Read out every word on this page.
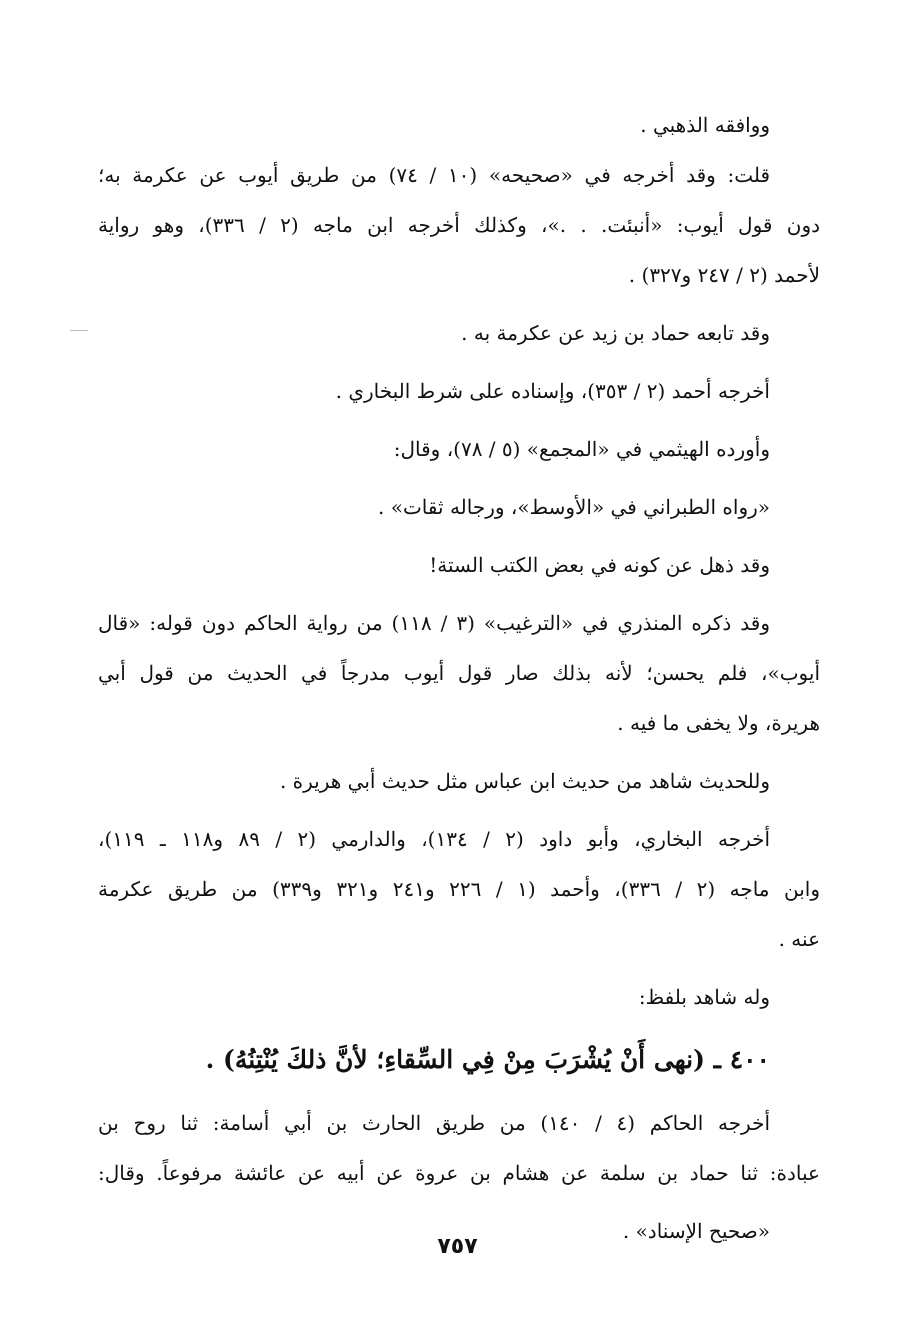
ووافقه الذهبي .
قلت: وقد أخرجه في «صحيحه» (١٠ / ٧٤) من طريق أيوب عن عكرمة به؛
دون قول أيوب: «أنبئت. . .»، وكذلك أخرجه ابن ماجه (٢ / ٣٣٦)، وهو رواية
لأحمد (٢ / ٢٤٧ و٣٢٧) .
وقد تابعه حماد بن زيد عن عكرمة به .
أخرجه أحمد (٢ / ٣٥٣)، وإسناده على شرط البخاري .
وأورده الهيثمي في «المجمع» (٥ / ٧٨)، وقال:
«رواه الطبراني في «الأوسط»، ورجاله ثقات» .
وقد ذهل عن كونه في بعض الكتب الستة!
وقد ذكره المنذري في «الترغيب» (٣ / ١١٨) من رواية الحاكم دون قوله: «قال
أيوب»، فلم يحسن؛ لأنه بذلك صار قول أيوب مدرجاً في الحديث من قول أبي
هريرة، ولا يخفى ما فيه .
وللحديث شاهد من حديث ابن عباس مثل حديث أبي هريرة .
أخرجه البخاري، وأبو داود (٢ / ١٣٤)، والدارمي (٢ / ٨٩ و١١٨ ـ ١١٩)،
وابن ماجه (٢ / ٣٣٦)، وأحمد (١ / ٢٢٦ و٢٤١ و٣٢١ و٣٣٩) من طريق عكرمة
عنه .
وله شاهد بلفظ:
٤٠٠ ـ (نهى أَنْ يُشْرَبَ مِنْ فِي السِّقاءِ؛ لأنَّ ذلكَ يُنْتِنُهُ) .
أخرجه الحاكم (٤ / ١٤٠) من طريق الحارث بن أبي أسامة: ثنا روح بن
عبادة: ثنا حماد بن سلمة عن هشام بن عروة عن أبيه عن عائشة مرفوعاً. وقال:
«صحيح الإسناد» .
٧٥٧
